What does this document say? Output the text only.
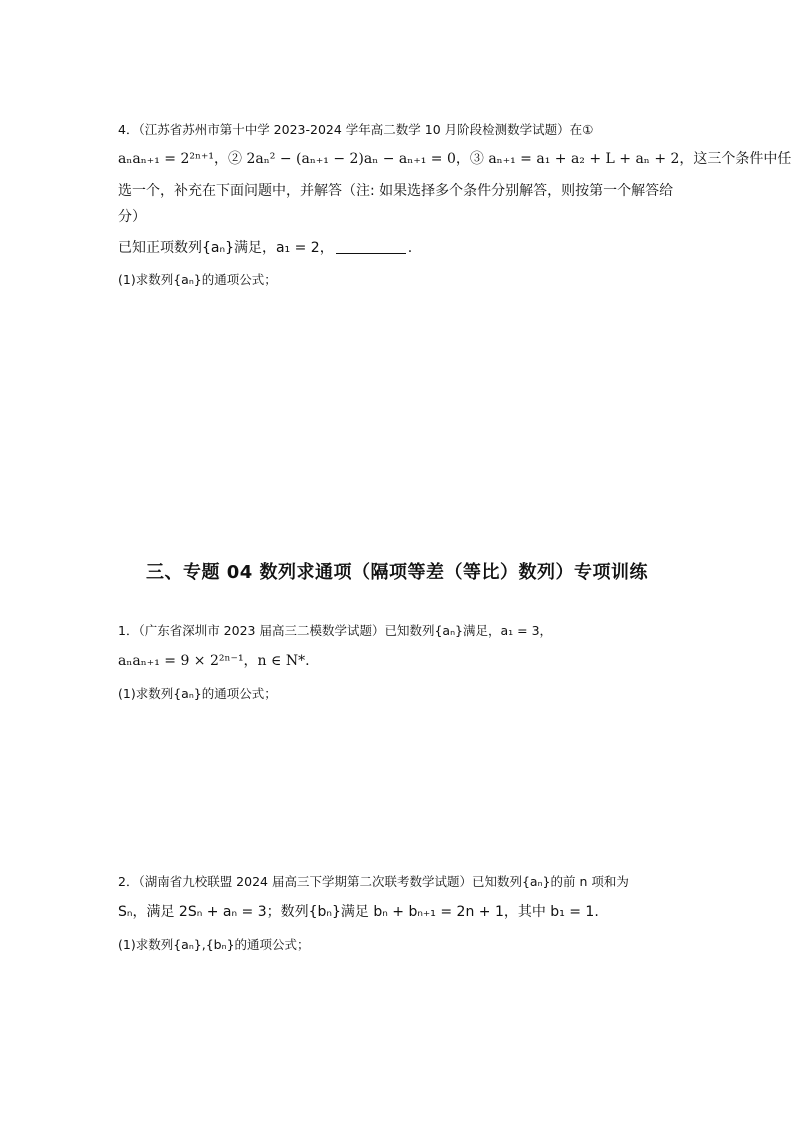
4．（江苏省苏州市第十中学 2023-2024 学年高二数学 10 月阶段检测数学试题）在①
aₙaₙ₊₁ = 2²ⁿ⁺¹，② 2aₙ² − (aₙ₊₁ − 2)aₙ − aₙ₊₁ = 0，③ aₙ₊₁ = a₁ + a₂ + L + aₙ + 2，这三个条件中任
选一个，补充在下面问题中，并解答（注: 如果选择多个条件分别解答，则按第一个解答给
分）
已知正项数列{aₙ}满足，a₁ = 2，	.
(1)求数列{aₙ}的通项公式；
三、专题 04 数列求通项（隔项等差（等比）数列）专项训练
1．（广东省深圳市 2023 届高三二模数学试题）已知数列{aₙ}满足，a₁ = 3，
aₙaₙ₊₁ = 9 × 2²ⁿ⁻¹，n ∈ N*.
(1)求数列{aₙ}的通项公式；
2．（湖南省九校联盟 2024 届高三下学期第二次联考数学试题）已知数列{aₙ}的前 n 项和为
Sₙ，满足 2Sₙ + aₙ = 3；数列{bₙ}满足 bₙ + bₙ₊₁ = 2n + 1，其中 b₁ = 1.
(1)求数列{aₙ},{bₙ}的通项公式；
